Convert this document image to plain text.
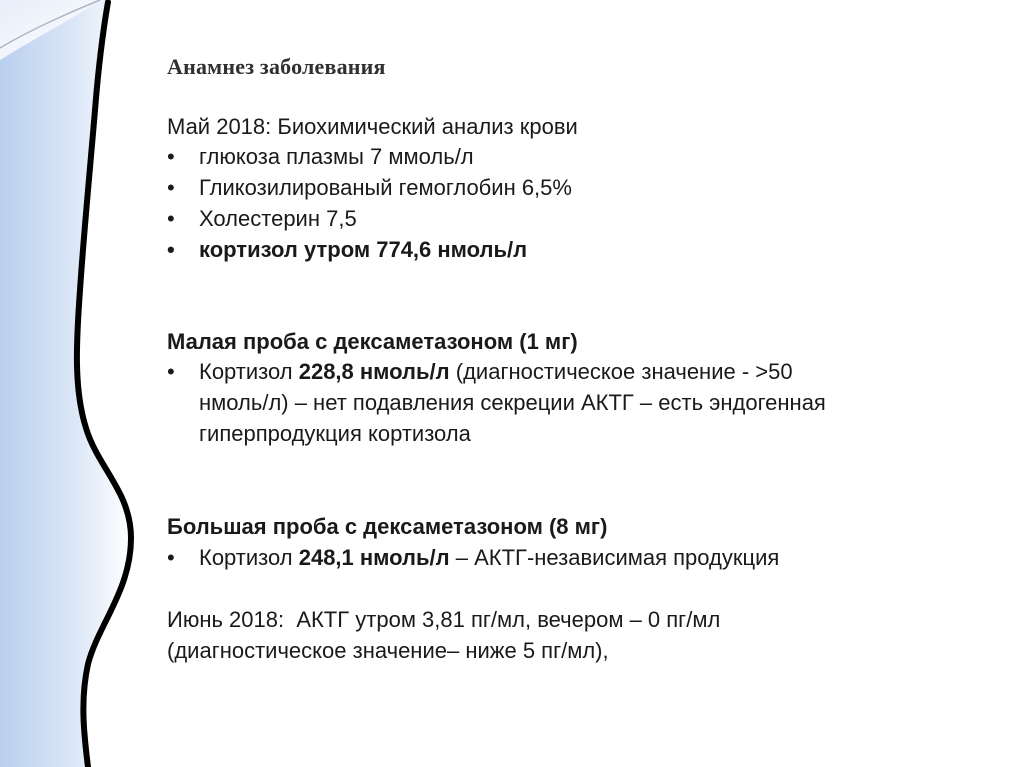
Анамнез заболевания
Май 2018: Биохимический анализ крови
• глюкоза плазмы 7 ммоль/л
• Гликозилированый гемоглобин 6,5%
• Холестерин 7,5
• кортизол утром 774,6 нмоль/л
Малая проба с дексаметазоном (1 мг)
• Кортизол 228,8 нмоль/л (диагностическое значение - >50
нмоль/л) – нет подавления секреции АКТГ – есть эндогенная
гиперпродукция кортизола
Большая проба с дексаметазоном (8 мг)
• Кортизол 248,1 нмоль/л – АКТГ-независимая продукция
Июнь 2018:  АКТГ утром 3,81 пг/мл, вечером – 0 пг/мл
(диагностическое значение– ниже 5 пг/мл),
